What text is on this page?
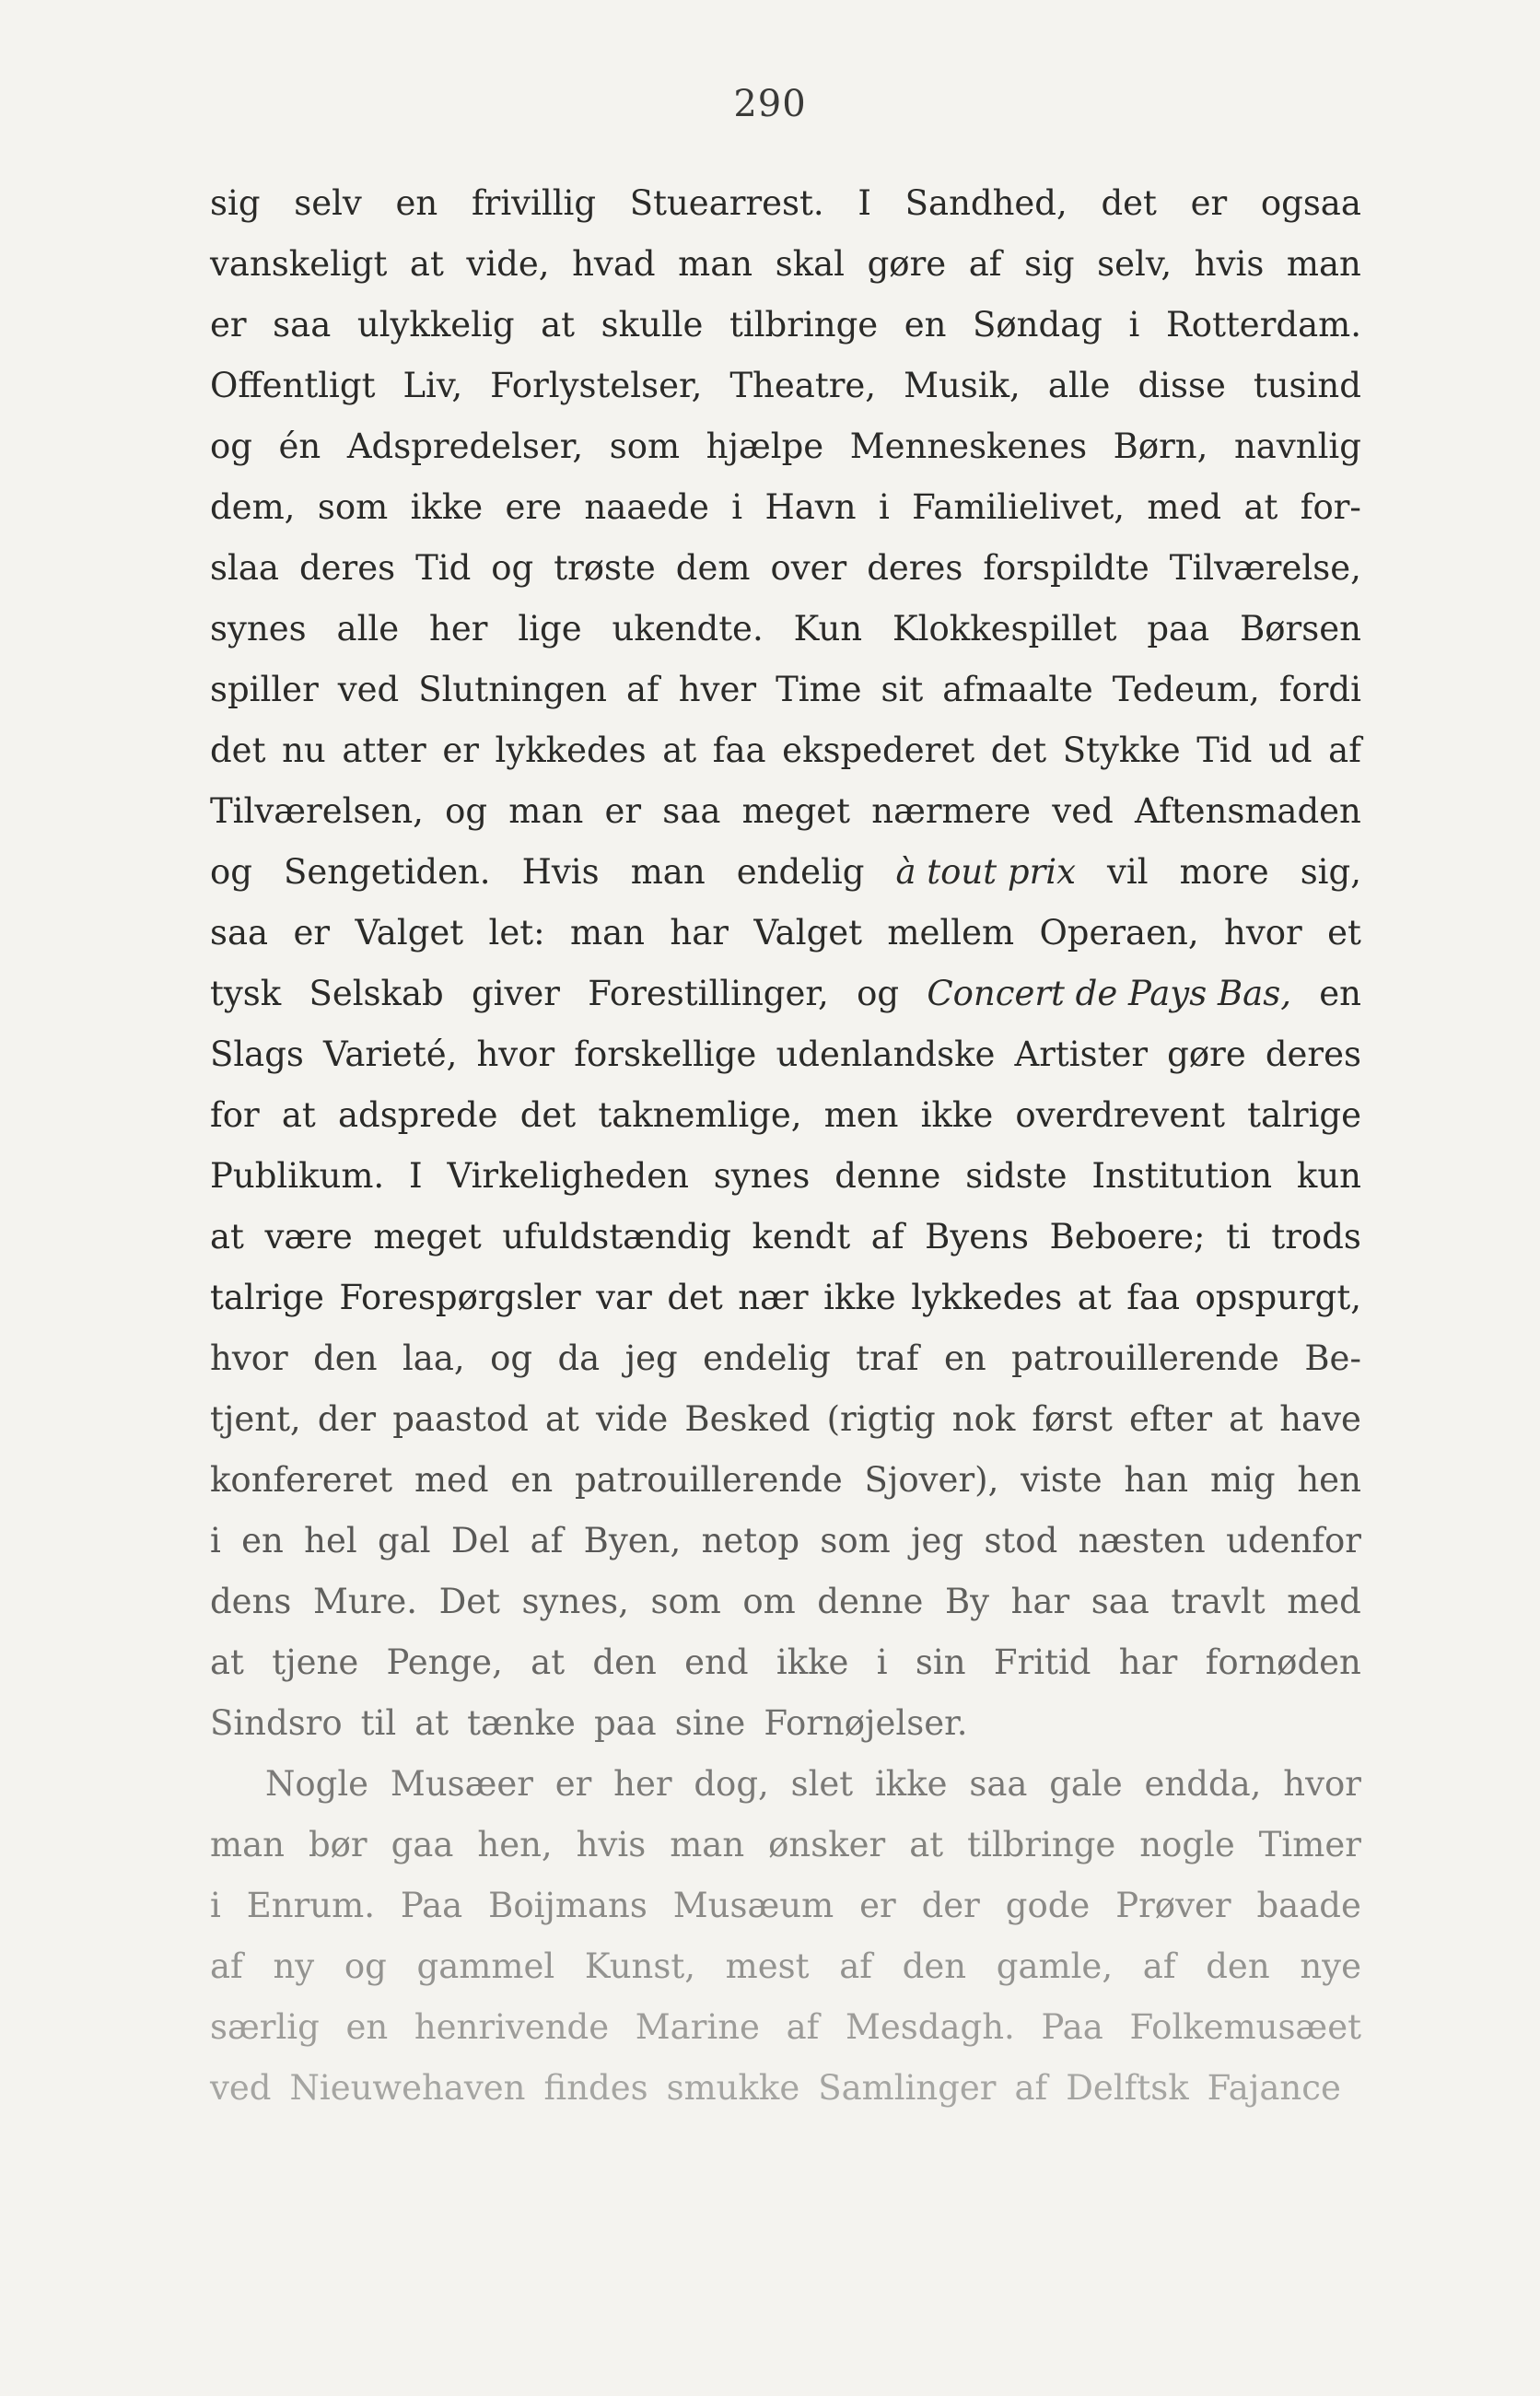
290
sig selv en frivillig Stuearrest. I Sandhed, det er ogsaa
vanskeligt at vide, hvad man skal gøre af sig selv, hvis man
er saa ulykkelig at skulle tilbringe en Søndag i Rotterdam.
Offentligt Liv, Forlystelser, Theatre, Musik, alle disse tusind
og én Adspredelser, som hjælpe Menneskenes Børn, navnlig
dem, som ikke ere naaede i Havn i Familielivet, med at for-
slaa deres Tid og trøste dem over deres forspildte Tilværelse,
synes alle her lige ukendte. Kun Klokkespillet paa Børsen
spiller ved Slutningen af hver Time sit afmaalte Tedeum, fordi
det nu atter er lykkedes at faa ekspederet det Stykke Tid ud af
Tilværelsen, og man er saa meget nærmere ved Aftensmaden
og Sengetiden. Hvis man endelig à tout prix vil more sig,
saa er Valget let: man har Valget mellem Operaen, hvor et
tysk Selskab giver Forestillinger, og Concert de Pays Bas, en
Slags Varieté, hvor forskellige udenlandske Artister gøre deres
for at adsprede det taknemlige, men ikke overdrevent talrige
Publikum. I Virkeligheden synes denne sidste Institution kun
at være meget ufuldstændig kendt af Byens Beboere; ti trods
talrige Forespørgsler var det nær ikke lykkedes at faa opspurgt,
hvor den laa, og da jeg endelig traf en patrouillerende Be-
tjent, der paastod at vide Besked (rigtig nok først efter at have
konfereret med en patrouillerende Sjover), viste han mig hen
i en hel gal Del af Byen, netop som jeg stod næsten udenfor
dens Mure. Det synes, som om denne By har saa travlt med
at tjene Penge, at den end ikke i sin Fritid har fornøden
Sindsro til at tænke paa sine Fornøjelser.
Nogle Musæer er her dog, slet ikke saa gale endda, hvor
man bør gaa hen, hvis man ønsker at tilbringe nogle Timer
i Enrum. Paa Boijmans Musæum er der gode Prøver baade
af ny og gammel Kunst, mest af den gamle, af den nye
særlig en henrivende Marine af Mesdagh. Paa Folkemusæet
ved Nieuwehaven findes smukke Samlinger af Delftsk Fajance
